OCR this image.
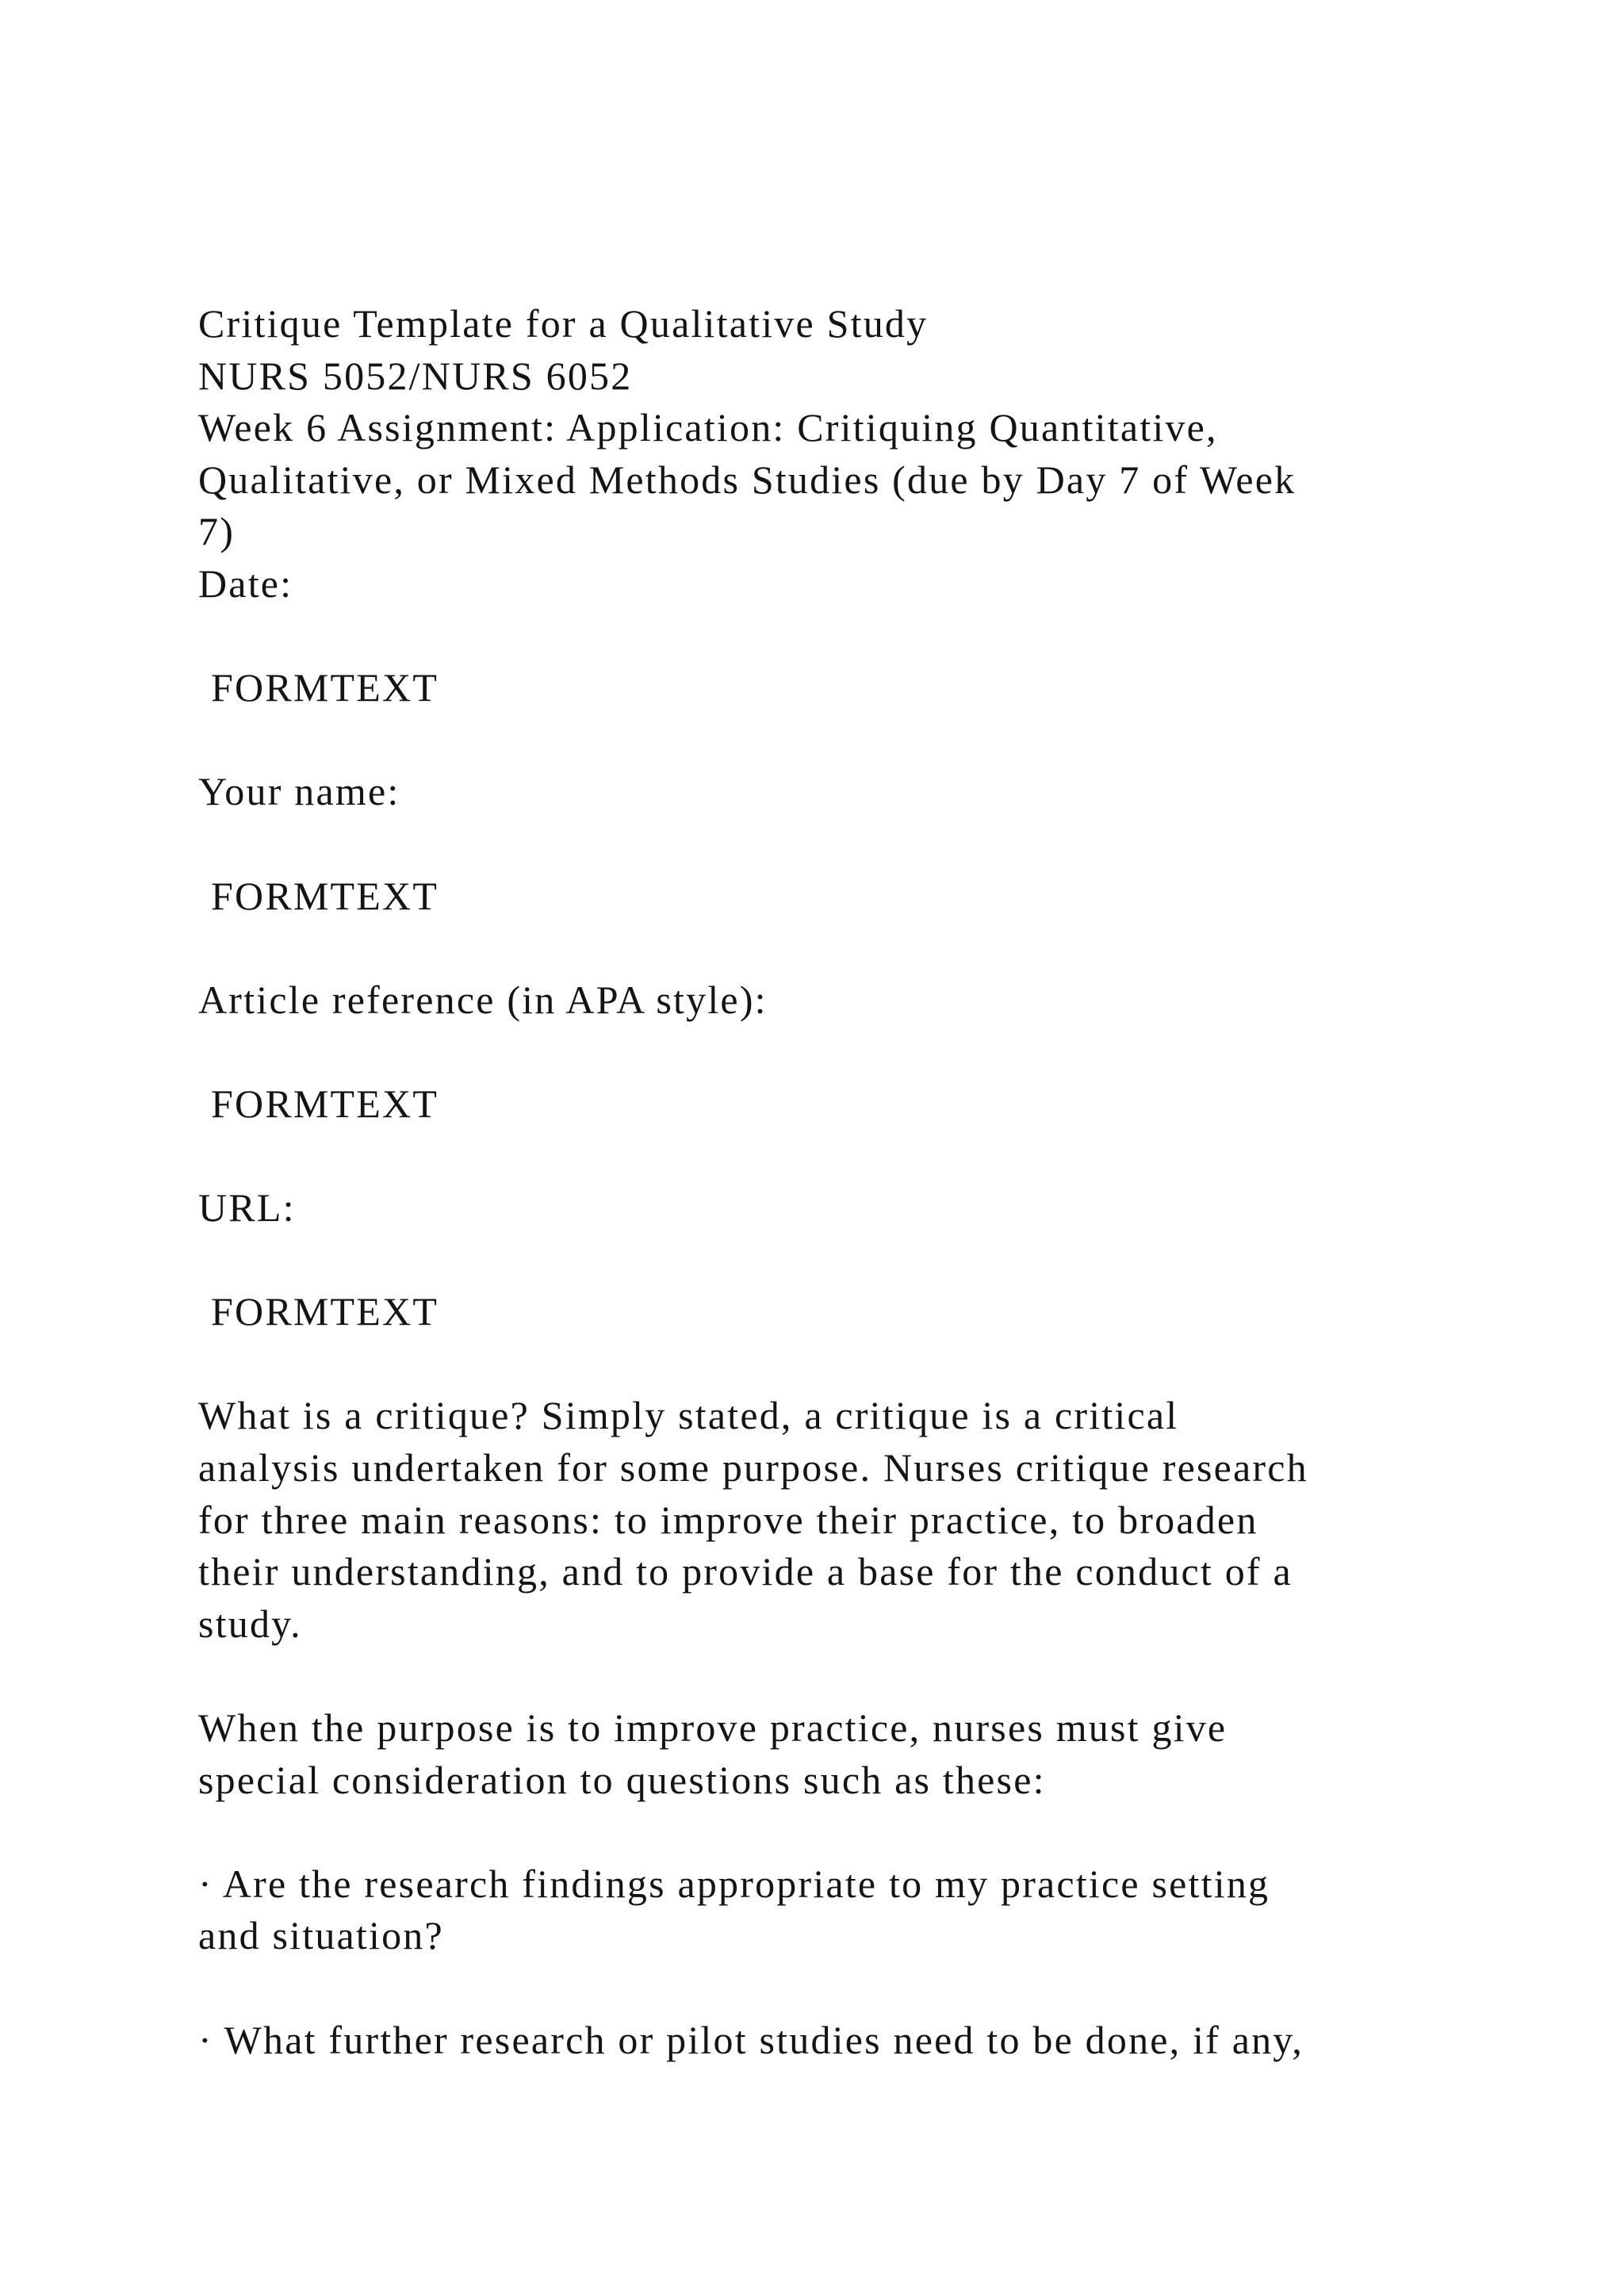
Critique Template for a Qualitative Study
NURS 5052/NURS 6052
Week 6 Assignment: Application: Critiquing Quantitative,
Qualitative, or Mixed Methods Studies (due by Day 7 of Week
7)
Date:
FORMTEXT
Your name:
FORMTEXT
Article reference (in APA style):
FORMTEXT
URL:
FORMTEXT
What is a critique? Simply stated, a critique is a critical
analysis undertaken for some purpose. Nurses critique research
for three main reasons: to improve their practice, to broaden
their understanding, and to provide a base for the conduct of a
study.
When the purpose is to improve practice, nurses must give
special consideration to questions such as these:
· Are the research findings appropriate to my practice setting
and situation?
· What further research or pilot studies need to be done, if any,
